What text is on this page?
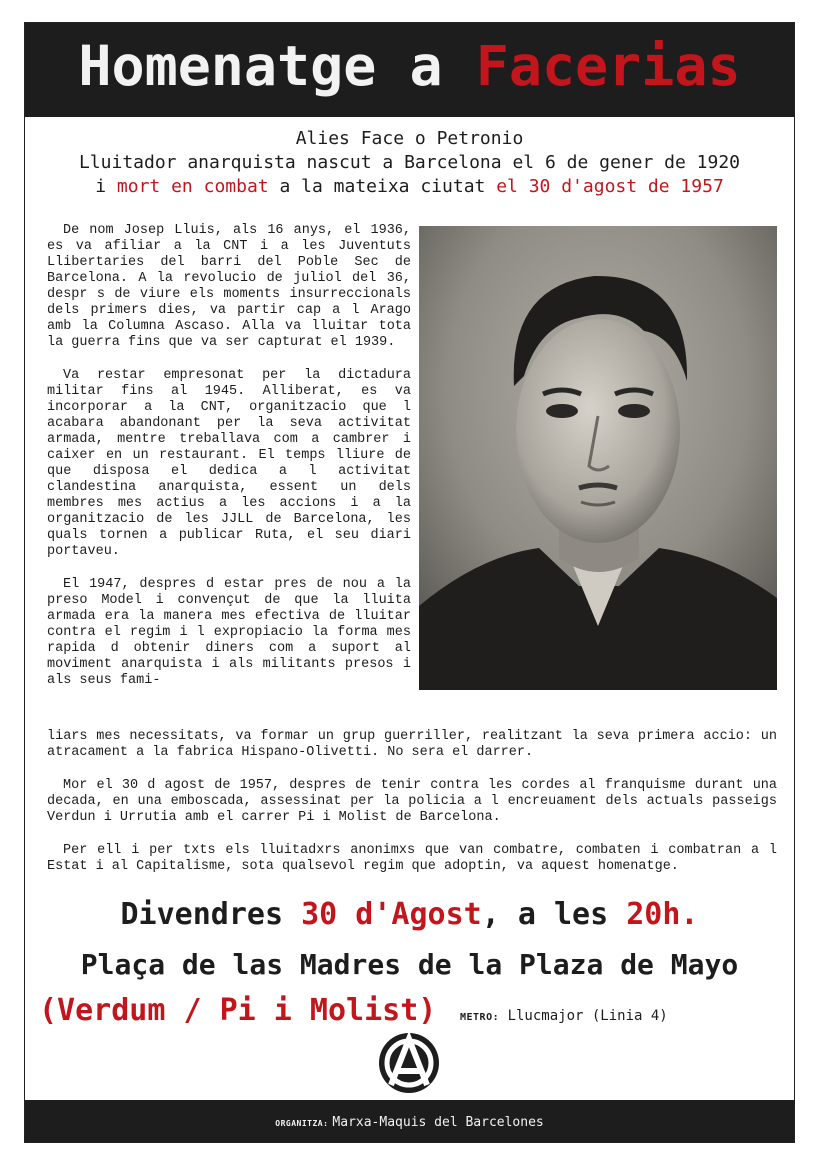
Homenatge a Facerias
Alies Face o Petronio
Lluitador anarquista nascut a Barcelona el 6 de gener de 1920
i mort en combat a la mateixa ciutat el 30 d'agost de 1957

De nom Josep Lluis, als 16 anys, el 1936, es va afiliar a la CNT i a les Juventuts Llibertaries del barri del Poble Sec de Barcelona. A la revolucio de juliol del 36, despr s de viure els moments insurreccionals dels primers dies, va partir cap a l Arago amb la Columna Ascaso. Alla va lluitar tota la guerra fins que va ser capturat el 1939.

Va restar empresonat per la dictadura militar fins al 1945. Alliberat, es va incorporar a la CNT, organitzacio que l acabara abandonant per la seva activitat armada, mentre treballava com a cambrer i caixer en un restaurant. El temps lliure de que disposa el dedica a l activitat clandestina anarquista, essent un dels membres mes actius a les accions i a la organitzacio de les JJLL de Barcelona, les quals tornen a publicar Ruta, el seu diari portaveu.

El 1947, despres d estar pres de nou a la preso Model i convençut de que la lluita armada era la manera mes efectiva de lluitar contra el regim i l expropiacio la forma mes rapida d obtenir diners com a suport al moviment anarquista i als militants presos i als seus fami-

liars mes necessitats, va formar un grup guerriller, realitzant la seva primera accio: un atracament a la fabrica Hispano-Olivetti. No sera el darrer.

Mor el 30 d agost de 1957, despres de tenir contra les cordes al franquisme durant una decada, en una emboscada, assessinat per la policia a l encreuament dels actuals passeigs Verdun i Urrutia amb el carrer Pi i Molist de Barcelona.

Per ell i per txts els lluitadxrs anonimxs que van combatre, combaten i combatran a l Estat i al Capitalisme, sota qualsevol regim que adoptin, va aquest homenatge.

Divendres 30 d'Agost, a les 20h.
Plaça de las Madres de la Plaza de Mayo
(Verdum / Pi i Molist) METRO: Llucmajor (Linia 4)
ORGANITZA: Marxa-Maquis del Barcelones
